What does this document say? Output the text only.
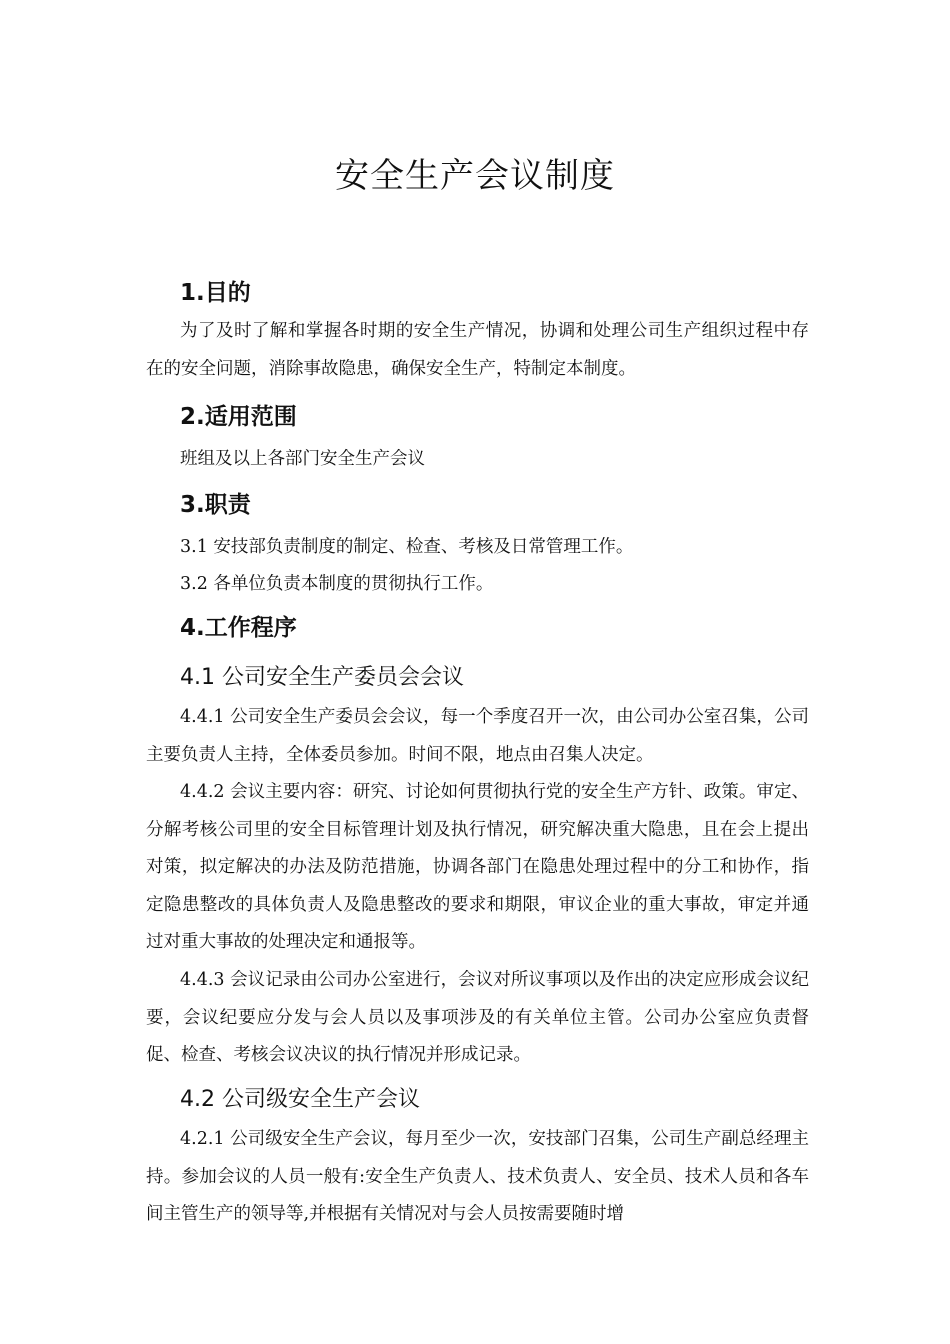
安全生产会议制度
1.目的
为了及时了解和掌握各时期的安全生产情况，协调和处理公司生产组织过程中存在的安全问题，消除事故隐患，确保安全生产，特制定本制度。
2.适用范围
班组及以上各部门安全生产会议
3.职责
3.1 安技部负责制度的制定、检查、考核及日常管理工作。
3.2 各单位负责本制度的贯彻执行工作。
4.工作程序
4.1 公司安全生产委员会会议
4.4.1 公司安全生产委员会会议，每一个季度召开一次，由公司办公室召集，公司主要负责人主持，全体委员参加。时间不限，地点由召集人决定。
4.4.2 会议主要内容：研究、讨论如何贯彻执行党的安全生产方针、政策。审定、分解考核公司里的安全目标管理计划及执行情况，研究解决重大隐患，且在会上提出对策，拟定解决的办法及防范措施，协调各部门在隐患处理过程中的分工和协作，指定隐患整改的具体负责人及隐患整改的要求和期限，审议企业的重大事故，审定并通过对重大事故的处理决定和通报等。
4.4.3 会议记录由公司办公室进行，会议对所议事项以及作出的决定应形成会议纪要，会议纪要应分发与会人员以及事项涉及的有关单位主管。公司办公室应负责督促、检查、考核会议决议的执行情况并形成记录。
4.2 公司级安全生产会议
4.2.1 公司级安全生产会议，每月至少一次，安技部门召集，公司生产副总经理主持。参加会议的人员一般有:安全生产负责人、技术负责人、安全员、技术人员和各车间主管生产的领导等,并根据有关情况对与会人员按需要随时增
